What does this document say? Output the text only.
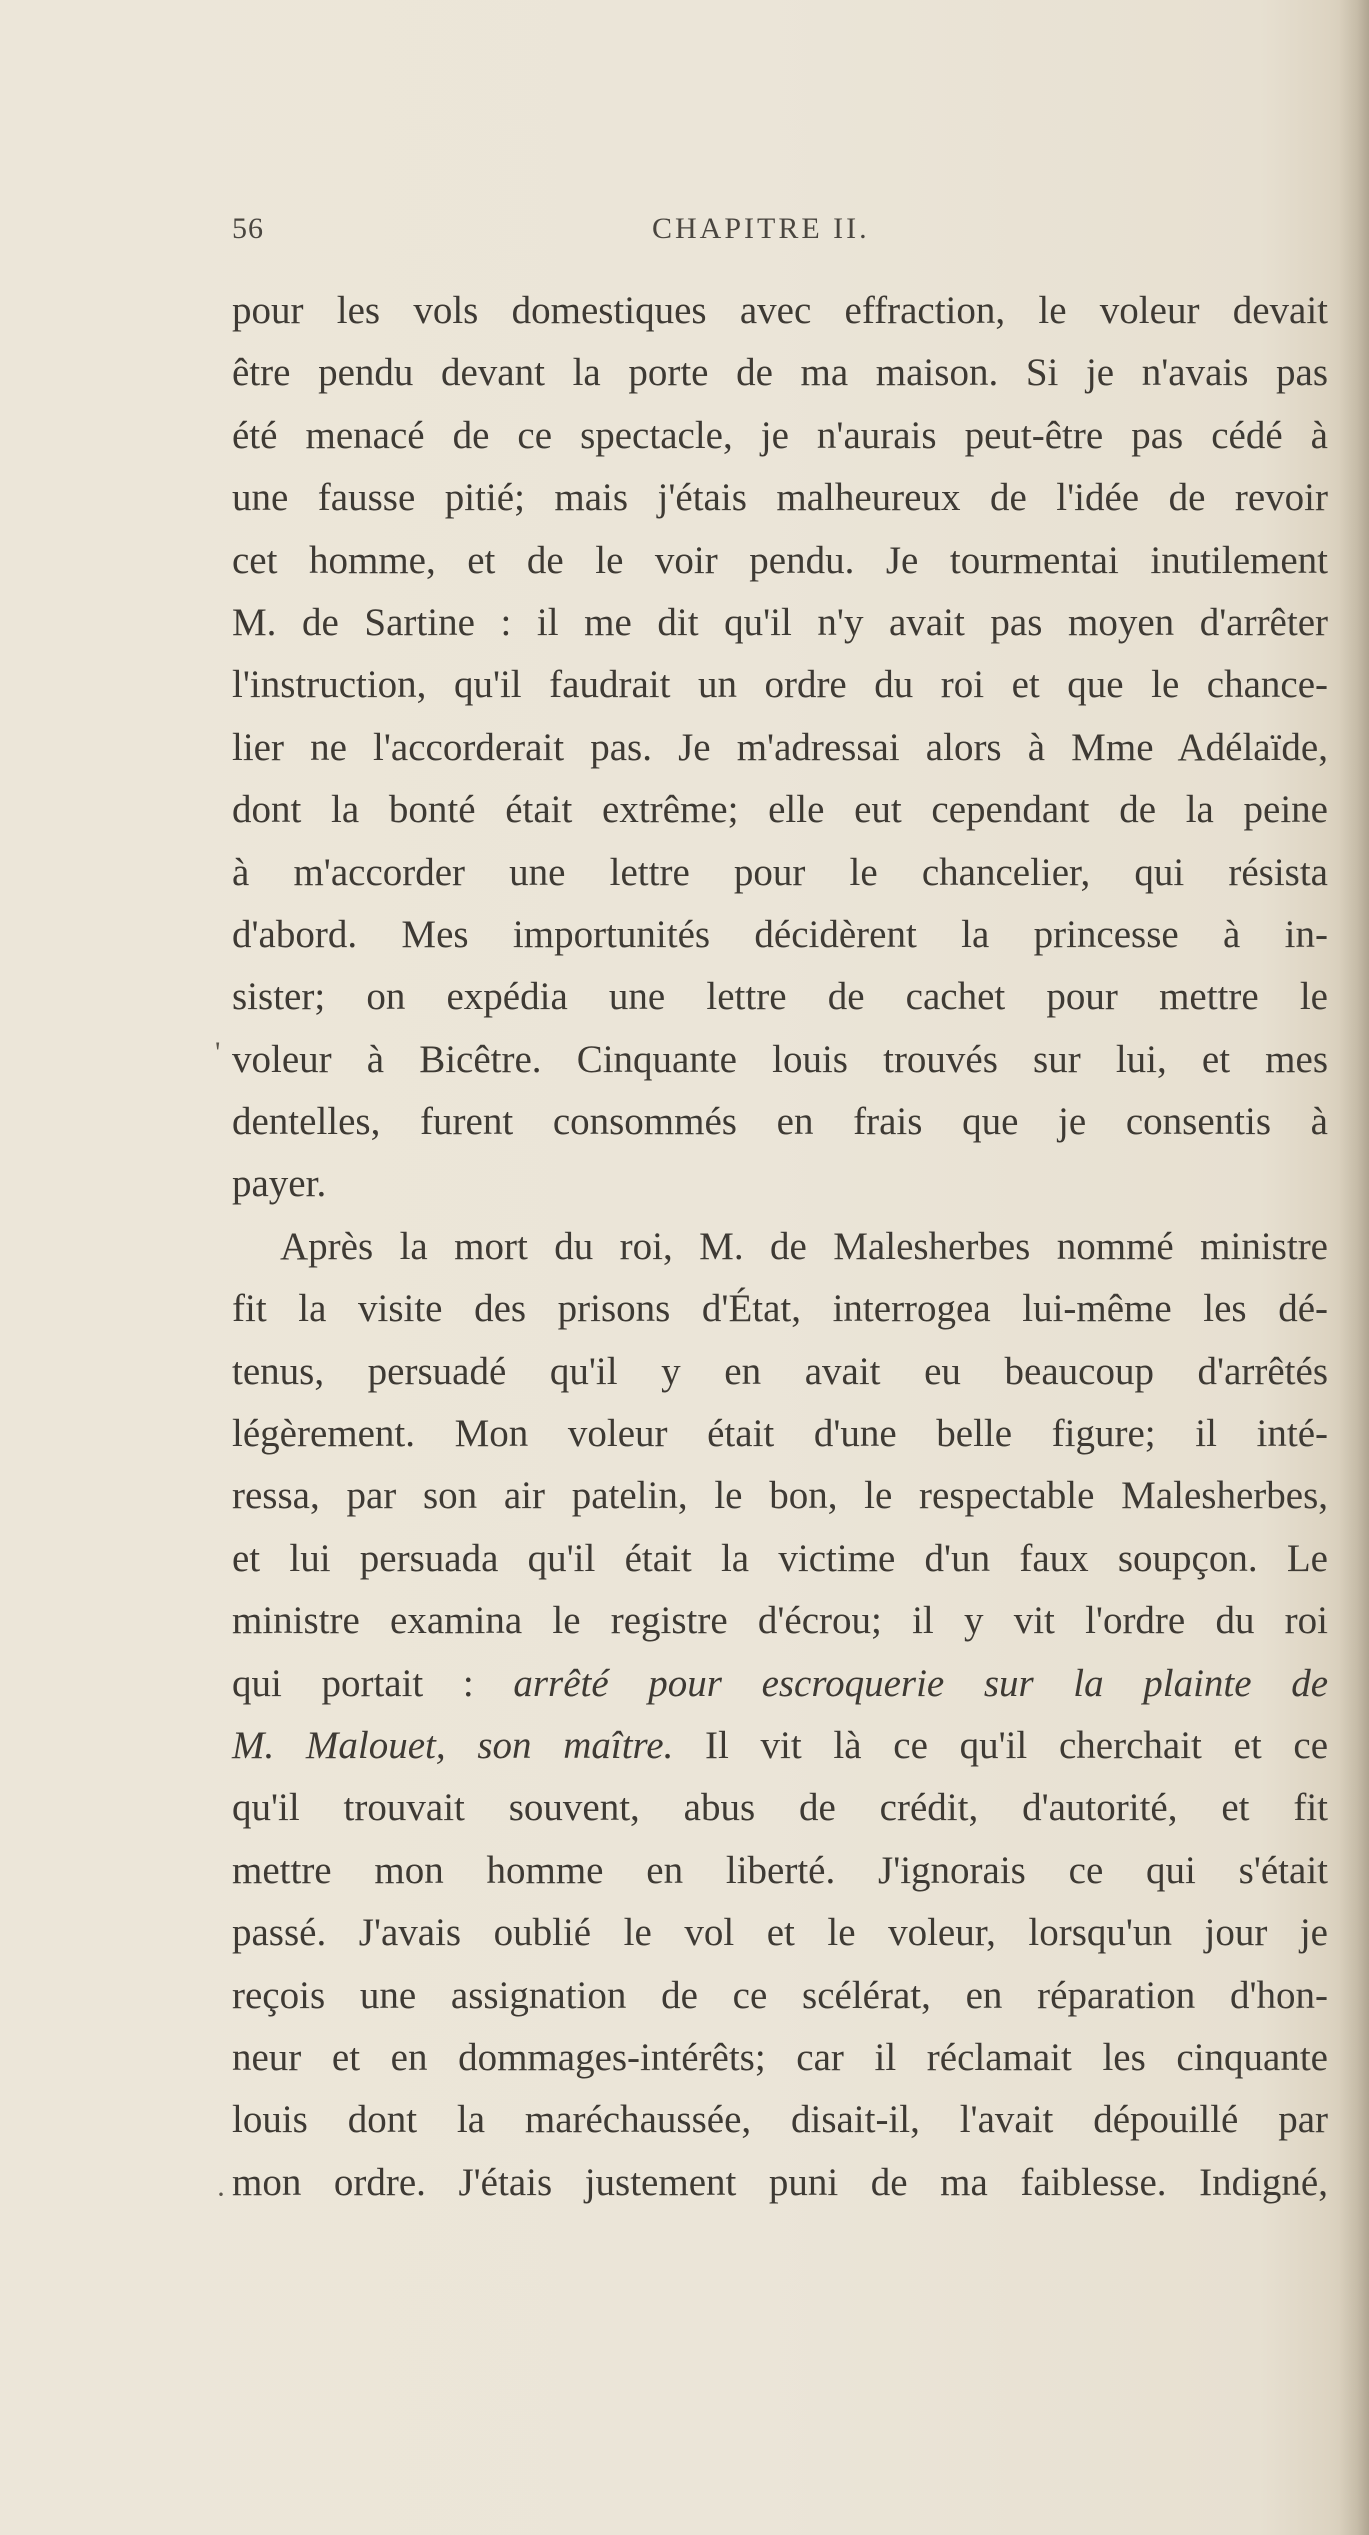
56	CHAPITRE II.
pour les vols domestiques avec effraction, le voleur devait
être pendu devant la porte de ma maison. Si je n'avais pas
été menacé de ce spectacle, je n'aurais peut-être pas cédé à
une fausse pitié; mais j'étais malheureux de l'idée de revoir
cet homme, et de le voir pendu. Je tourmentai inutilement
M. de Sartine : il me dit qu'il n'y avait pas moyen d'arrêter
l'instruction, qu'il faudrait un ordre du roi et que le chance-
lier ne l'accorderait pas. Je m'adressai alors à Mme Adélaïde,
dont la bonté était extrême; elle eut cependant de la peine
à m'accorder une lettre pour le chancelier, qui résista
d'abord. Mes importunités décidèrent la princesse à in-
sister; on expédia une lettre de cachet pour mettre le
voleur à Bicêtre. Cinquante louis trouvés sur lui, et mes
dentelles, furent consommés en frais que je consentis à
payer.
Après la mort du roi, M. de Malesherbes nommé ministre
fit la visite des prisons d'État, interrogea lui-même les dé-
tenus, persuadé qu'il y en avait eu beaucoup d'arrêtés
légèrement. Mon voleur était d'une belle figure; il inté-
ressa, par son air patelin, le bon, le respectable Malesherbes,
et lui persuada qu'il était la victime d'un faux soupçon. Le
ministre examina le registre d'écrou; il y vit l'ordre du roi
qui portait : arrêté pour escroquerie sur la plainte de
M. Malouet, son maître. Il vit là ce qu'il cherchait et ce
qu'il trouvait souvent, abus de crédit, d'autorité, et fit
mettre mon homme en liberté. J'ignorais ce qui s'était
passé. J'avais oublié le vol et le voleur, lorsqu'un jour je
reçois une assignation de ce scélérat, en réparation d'hon-
neur et en dommages-intérêts; car il réclamait les cinquante
louis dont la maréchaussée, disait-il, l'avait dépouillé par
mon ordre. J'étais justement puni de ma faiblesse. Indigné,
'
·
